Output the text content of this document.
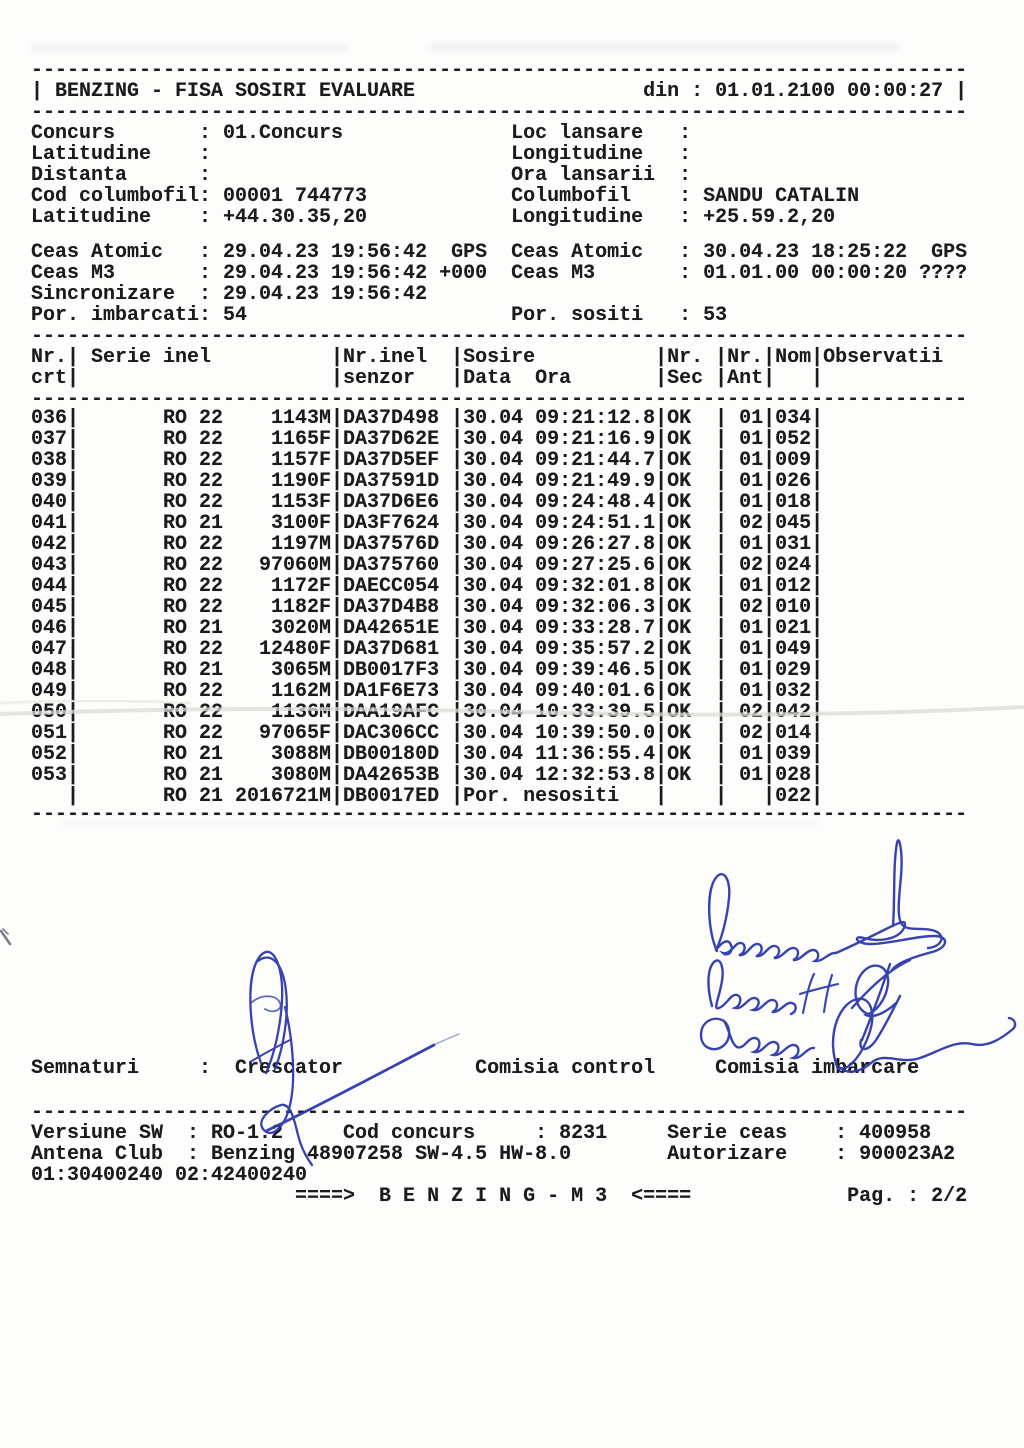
------------------------------------------------------------------------------
| BENZING - FISA SOSIRI EVALUARE                   din : 01.01.2100 00:00:27 |
------------------------------------------------------------------------------
Concurs       : 01.Concurs              Loc lansare   :
Latitudine    :                         Longitudine   :
Distanta      :                         Ora lansarii  :
Cod columbofil: 00001 744773            Columbofil    : SANDU CATALIN
Latitudine    : +44.30.35,20            Longitudine   : +25.59.2,20
Ceas Atomic   : 29.04.23 19:56:42  GPS  Ceas Atomic   : 30.04.23 18:25:22  GPS
Ceas M3       : 29.04.23 19:56:42 +000  Ceas M3       : 01.01.00 00:00:20 ????
Sincronizare  : 29.04.23 19:56:42
Por. imbarcati: 54                      Por. sositi   : 53
------------------------------------------------------------------------------
Nr.| Serie inel          |Nr.inel  |Sosire          |Nr. |Nr.|Nom|Observatii
crt|                     |senzor   |Data  Ora       |Sec |Ant|   |
------------------------------------------------------------------------------
036|       RO 22    1143M|DA37D498 |30.04 09:21:12.8|OK  | 01|034|
037|       RO 22    1165F|DA37D62E |30.04 09:21:16.9|OK  | 01|052|
038|       RO 22    1157F|DA37D5EF |30.04 09:21:44.7|OK  | 01|009|
039|       RO 22    1190F|DA37591D |30.04 09:21:49.9|OK  | 01|026|
040|       RO 22    1153F|DA37D6E6 |30.04 09:24:48.4|OK  | 01|018|
041|       RO 21    3100F|DA3F7624 |30.04 09:24:51.1|OK  | 02|045|
042|       RO 22    1197M|DA37576D |30.04 09:26:27.8|OK  | 01|031|
043|       RO 22   97060M|DA375760 |30.04 09:27:25.6|OK  | 02|024|
044|       RO 22    1172F|DAECC054 |30.04 09:32:01.8|OK  | 01|012|
045|       RO 22    1182F|DA37D4B8 |30.04 09:32:06.3|OK  | 02|010|
046|       RO 21    3020M|DA42651E |30.04 09:33:28.7|OK  | 01|021|
047|       RO 22   12480F|DA37D681 |30.04 09:35:57.2|OK  | 01|049|
048|       RO 21    3065M|DB0017F3 |30.04 09:39:46.5|OK  | 01|029|
049|       RO 22    1162M|DA1F6E73 |30.04 09:40:01.6|OK  | 01|032|
050|       RO 22    1136M|DAA19AFC |30.04 10:33:39.5|OK  | 02|042|
051|       RO 22   97065F|DAC306CC |30.04 10:39:50.0|OK  | 02|014|
052|       RO 21    3088M|DB00180D |30.04 11:36:55.4|OK  | 01|039|
053|       RO 21    3080M|DA42653B |30.04 12:32:53.8|OK  | 01|028|
|       RO 21 2016721M|DB0017ED |Por. nesositi   |    |   |022|
------------------------------------------------------------------------------
Semnaturi     :  Crescator           Comisia control     Comisia imbarcare
------------------------------------------------------------------------------
Versiune SW  : RO-1.2     Cod concurs     : 8231     Serie ceas    : 400958
Antena Club  : Benzing 48907258 SW-4.5 HW-8.0        Autorizare    : 900023A2
01:30400240 02:42400240
====>  B E N Z I N G - M 3  <====             Pag. : 2/2
